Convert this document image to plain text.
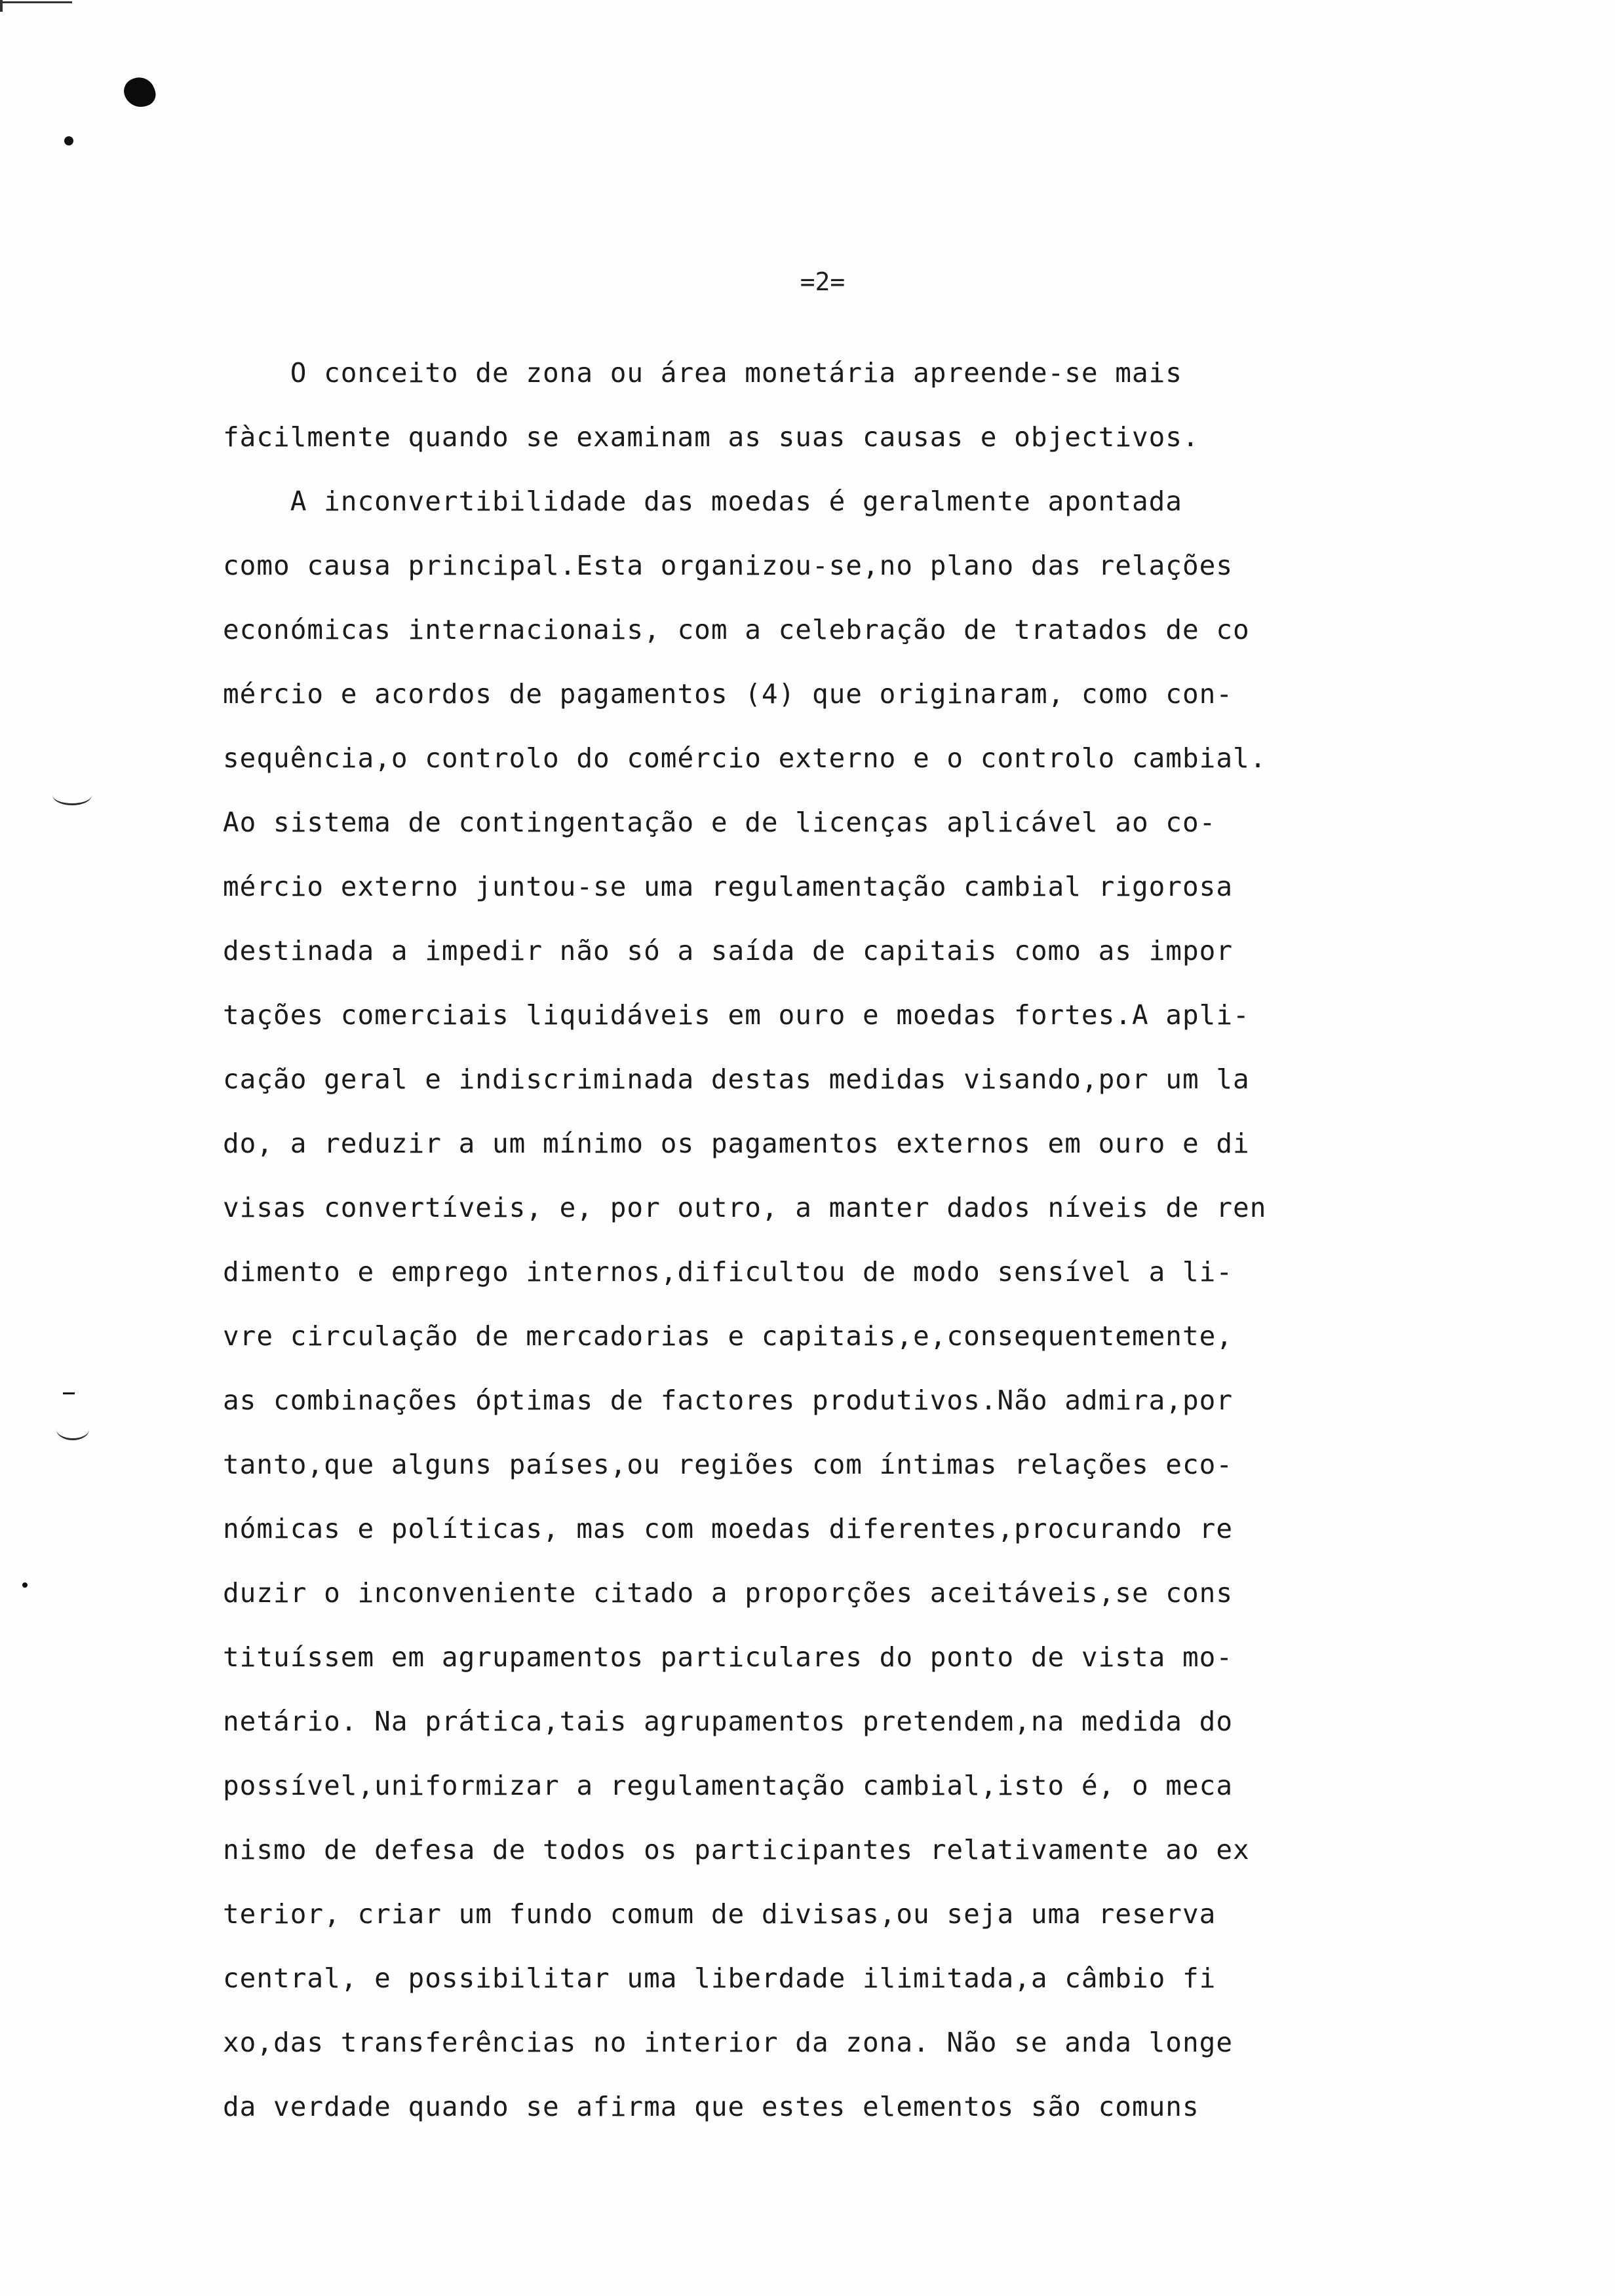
=2=
O conceito de zona ou área monetária apreende-se mais
fàcilmente quando se examinam as suas causas e objectivos.
A inconvertibilidade das moedas é geralmente apontada
como causa principal.Esta organizou-se,no plano das relações
económicas internacionais, com a celebração de tratados de co
mércio e acordos de pagamentos (4) que originaram, como con-
sequência,o controlo do comércio externo e o controlo cambial.
Ao sistema de contingentação e de licenças aplicável ao co-
mércio externo juntou-se uma regulamentação cambial rigorosa
destinada a impedir não só a saída de capitais como as impor
tações comerciais liquidáveis em ouro e moedas fortes.A apli-
cação geral e indiscriminada destas medidas visando,por um la
do, a reduzir a um mínimo os pagamentos externos em ouro e di
visas convertíveis, e, por outro, a manter dados níveis de ren
dimento e emprego internos,dificultou de modo sensível a li-
vre circulação de mercadorias e capitais,e,consequentemente,
as combinações óptimas de factores produtivos.Não admira,por
tanto,que alguns países,ou regiões com íntimas relações eco-
nómicas e políticas, mas com moedas diferentes,procurando re
duzir o inconveniente citado a proporções aceitáveis,se cons
tituíssem em agrupamentos particulares do ponto de vista mo-
netário. Na prática,tais agrupamentos pretendem,na medida do
possível,uniformizar a regulamentação cambial,isto é, o meca
nismo de defesa de todos os participantes relativamente ao ex
terior, criar um fundo comum de divisas,ou seja uma reserva
central, e possibilitar uma liberdade ilimitada,a câmbio fi
xo,das transferências no interior da zona. Não se anda longe
da verdade quando se afirma que estes elementos são comuns
